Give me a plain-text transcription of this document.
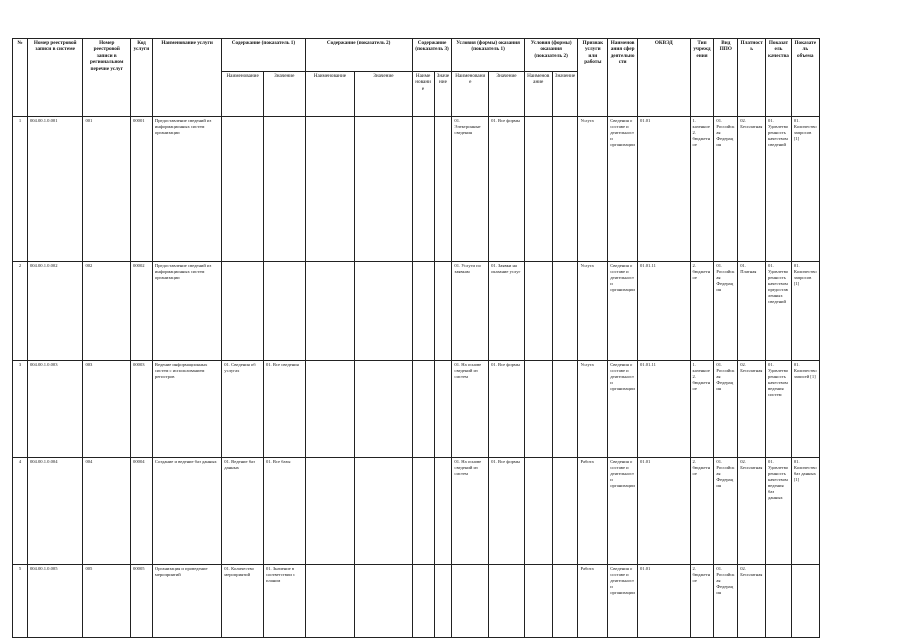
№	Номер реестровой записи в системе	Номер реестровой записи в региональном перечне услуг	Код услуги	Наименование услуги	Содержание (показатель 1)		Содержание (показатель 2)		Содержание (показатель 3)		Условия (формы) оказания (показатель 1)		Условия (формы) оказания (показатель 2)		Признак услуги или работы	Наименования сфер деятельности	ОКВЭД	Тип учреждения	Вид ППО	Платность	Показатель качества	Показатель объема
					Наименование	Значение	Наименование	Значение	Наименование	Значение	Наименование	Значение	Наименование	Значение								
1	004.00.1.0.001	001	00001	Предоставление сведений из информационных систем организации							01. Электронные сведения	01. Все формы			Услуга	Сведения о составе и деятельности организации	01.01	1. казенное 2. бюджетное	01. Российская Федерация	02. Бесплатная	01. Удовлетворенность качеством сведений	01. Количество запросов [1]
2	004.00.1.0.002	002	00002	Предоставление сведений из информационных систем организации							01. Услуги по заявкам	01. Заявки на оказание услуг			Услуга	Сведения о составе и деятельности организации	01.01.11	2. бюджетное	01. Российская Федерация	01. Платная	01. Удовлетворенность качеством предоставленных сведений	01. Количество запросов [1]
3	004.00.1.0.003	003	00003	Ведение информационных систем с использованием регистров	01. Сведения об услугах	01. Все сведения					01. На основе сведений из систем	01. Все формы			Услуга	Сведения о составе и деятельности организации	01.01.11	1. казенное 2. бюджетное	01. Российская Федерация	02. Бесплатная	01. Удовлетворенность качеством ведения систем	01. Количество записей [1]
4	004.00.1.0.004	004	00004	Создание и ведение баз данных	01. Ведение баз данных	01. Все базы					01. На основе сведений из систем	01. Все формы			Работа	Сведения о составе и деятельности организации	01.01	2. бюджетное	01. Российская Федерация	02. Бесплатная	01. Удовлетворенность качеством ведения баз данных	01. Количество баз данных [1]
5	004.00.1.0.005	005	00005	Организация и проведение мероприятий	01. Количество мероприятий	01. Значение в соответствии с планом									Работа	Сведения о составе и деятельности организации	01.01	2. бюджетное	01. Российская Федерация	02. Бесплатная		
